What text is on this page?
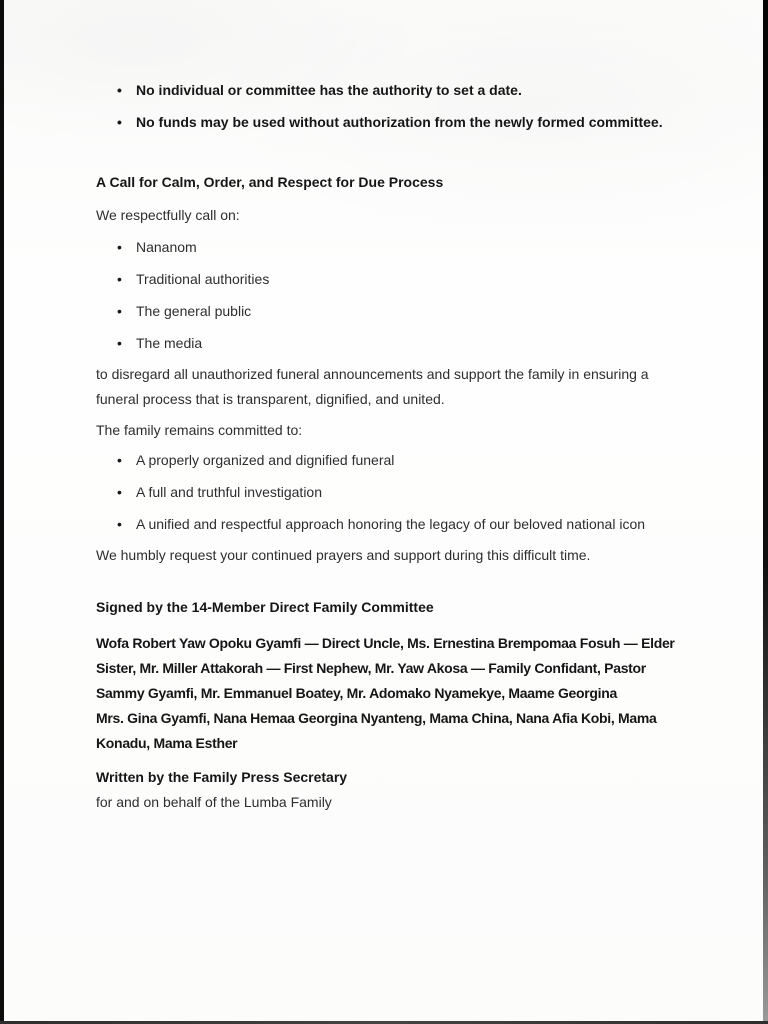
• No individual or committee has the authority to set a date.
• No funds may be used without authorization from the newly formed committee.
A Call for Calm, Order, and Respect for Due Process

We respectfully call on:

• Nananom
• Traditional authorities
• The general public
• The media

to disregard all unauthorized funeral announcements and support the family in ensuring a funeral process that is transparent, dignified, and united.

The family remains committed to:

• A properly organized and dignified funeral
• A full and truthful investigation
• A unified and respectful approach honoring the legacy of our beloved national icon

We humbly request your continued prayers and support during this difficult time.

Signed by the 14-Member Direct Family Committee
Wofa Robert Yaw Opoku Gyamfi — Direct Uncle, Ms. Ernestina Brempomaa Fosuh — Elder
Sister, Mr. Miller Attakorah — First Nephew, Mr. Yaw Akosa — Family Confidant, Pastor
Sammy Gyamfi, Mr. Emmanuel Boatey, Mr. Adomako Nyamekye, Maame Georgina
Mrs. Gina Gyamfi, Nana Hemaa Georgina Nyanteng, Mama China, Nana Afia Kobi, Mama
Konadu, Mama Esther

Written by the Family Press Secretary

for and on behalf of the Lumba Family
